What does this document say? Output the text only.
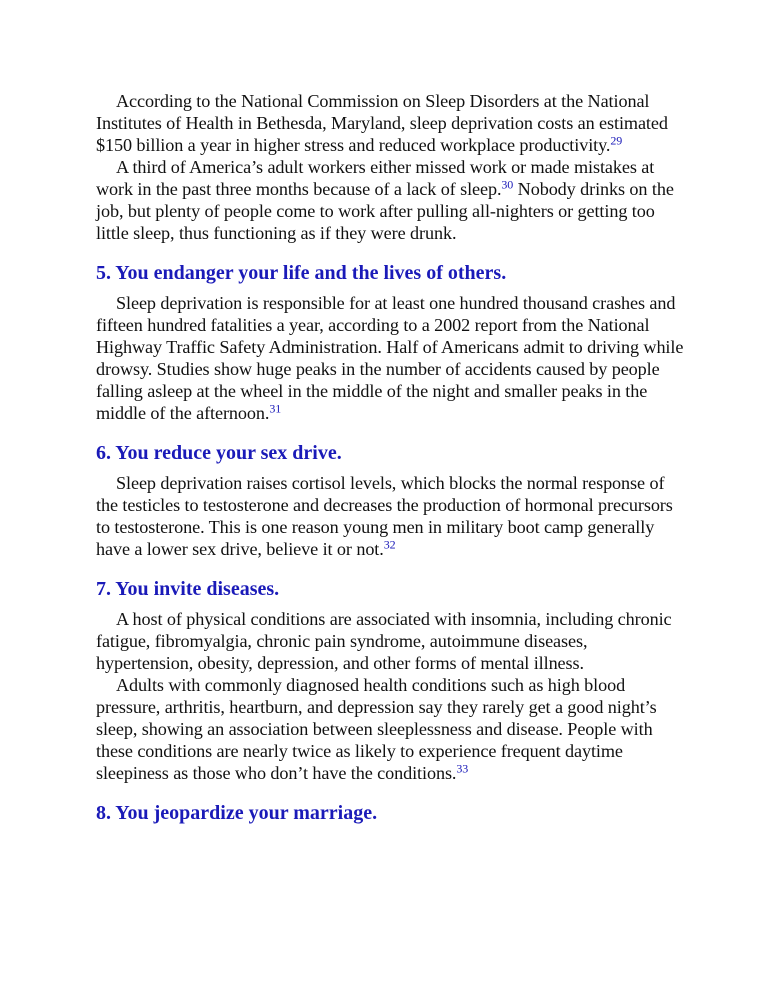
According to the National Commission on Sleep Disorders at the National Institutes of Health in Bethesda, Maryland, sleep deprivation costs an estimated $150 billion a year in higher stress and reduced workplace productivity.$^{29}$

A third of America’s adult workers either missed work or made mistakes at work in the past three months because of a lack of sleep.$^{30}$ Nobody drinks on the job, but plenty of people come to work after pulling all-nighters or getting too little sleep, thus functioning as if they were drunk.

5. You endanger your life and the lives of others.

Sleep deprivation is responsible for at least one hundred thousand crashes and fifteen hundred fatalities a year, according to a 2002 report from the National Highway Traffic Safety Administration. Half of Americans admit to driving while drowsy. Studies show huge peaks in the number of accidents caused by people falling asleep at the wheel in the middle of the night and smaller peaks in the middle of the afternoon.$^{31}$

6. You reduce your sex drive.

Sleep deprivation raises cortisol levels, which blocks the normal response of the testicles to testosterone and decreases the production of hormonal precursors to testosterone. This is one reason young men in military boot camp generally have a lower sex drive, believe it or not.$^{32}$

7. You invite diseases.

A host of physical conditions are associated with insomnia, including chronic fatigue, fibromyalgia, chronic pain syndrome, autoimmune diseases, hypertension, obesity, depression, and other forms of mental illness.

Adults with commonly diagnosed health conditions such as high blood pressure, arthritis, heartburn, and depression say they rarely get a good night’s sleep, showing an association between sleeplessness and disease. People with these conditions are nearly twice as likely to experience frequent daytime sleepiness as those who don’t have the conditions.$^{33}$

8. You jeopardize your marriage.
